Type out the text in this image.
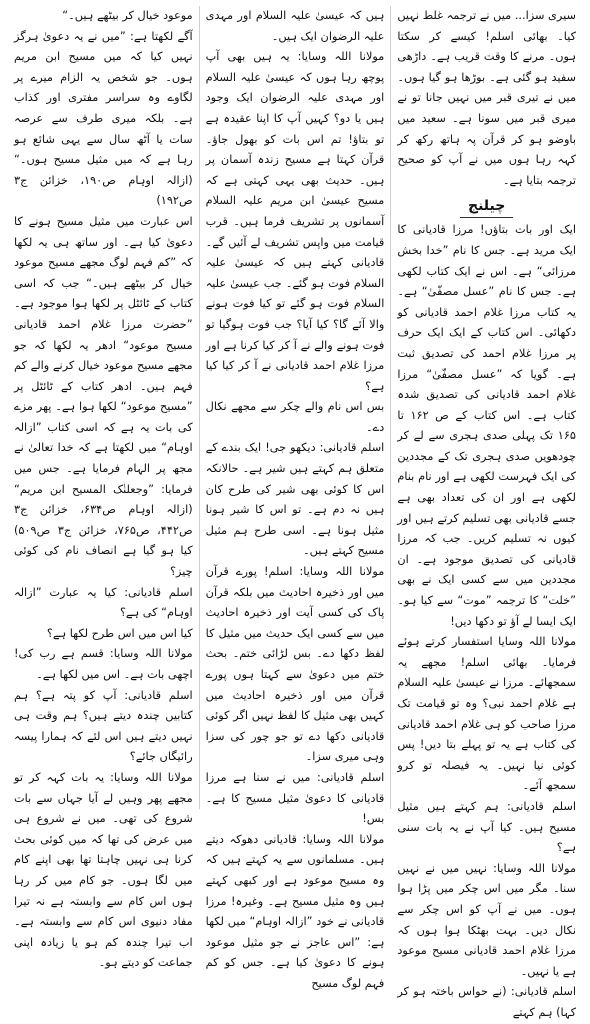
سیری سزا... میں نے ترجمہ غلط نہیں کیا۔ بھائی اسلم! کیسے کر سکتا ہوں۔ مرنے کا وقت قریب ہے۔ داڑھی سفید ہو گئی ہے۔ بوڑھا ہو گیا ہوں۔ میں نے تیری قبر میں نہیں جانا تو نے میری قبر میں سونا ہے۔ سعید میں باوضو ہو کر قرآن پہ ہاتھ رکھ کر کہہ رہا ہوں میں نے آپ کو صحیح ترجمہ بتایا ہے۔

چیلنج

ایک اور بات بتاؤں! مرزا قادیانی کا ایک مرید ہے۔ جس کا نام ”خدا بخش مرزائی“ ہے۔ اس نے ایک کتاب لکھی ہے۔ جس کا نام ”عسل مصفّیٰ“ ہے۔ یہ کتاب مرزا غلام احمد قادیانی کو دکھائی۔ اس کتاب کے ایک ایک حرف پر مرزا غلام احمد کی تصدیق ثبت ہے۔ گویا کہ ”عسل مصفّیٰ“ مرزا غلام احمد قادیانی کی تصدیق شدہ کتاب ہے۔ اس کتاب کے ص ۱۶۲ تا ۱۶۵ تک پہلی صدی ہجری سے لے کر چودھویں صدی ہجری تک کے مجددین کی ایک فہرست لکھی ہے اور نام بنام لکھی ہے اور ان کی تعداد بھی ہے جسے قادیانی بھی تسلیم کرتے ہیں اور کیوں نہ تسلیم کریں۔ جب کہ مرزا قادیانی کی تصدیق موجود ہے۔ ان مجددین میں سے کسی ایک نے بھی ”خلت“ کا ترجمہ ”موت“ سے کیا ہو۔ ایک ایسا لے آؤ تو دکھا دیں!

مولانا اللہ وسایا استفسار کرتے ہوئے فرمایا۔ بھائی اسلم! مجھے یہ سمجھائے۔ مرزا نے عیسیٰ علیہ السلام ہے غلام احمد نبی؟ وہ تو قیامت تک مرزا صاحب کو ہی غلام احمد قادیانی کی کتاب ہے یہ تو پہلے بتا دیں! پس کوئی نیا نہیں۔ یہ فیصلہ تو کرو سمجھ آئے۔

اسلم قادیانی: ہم کہتے ہیں مثیل مسیح ہیں۔ کیا آپ نے یہ بات سنی ہے؟

مولانا اللہ وسایا: نہیں میں نے نہیں سنا۔ مگر میں اس چکر میں پڑا ہوا ہوں۔ میں نے آپ کو اس چکر سے نکال دیں۔ بہت بھٹکا ہوا ہوں کہ مرزا غلام احمد قادیانی مسیح موعود ہے یا نہیں۔

اسلم قادیانی: (نے حواس باختہ ہو کر کہا) ہم کہتے

ہیں کہ عیسیٰ علیہ السلام اور مہدی علیہ الرضوان ایک ہیں۔

مولانا اللہ وسایا: یہ ہیں بھی آپ پوچھ رہا ہوں کہ عیسیٰ علیہ السلام اور مہدی علیہ الرضوان ایک وجود ہیں یا دو؟ کہیں آپ کا اپنا عقیدہ ہے تو بتاؤ! تم اس بات کو بھول جاؤ۔ قرآن کہتا ہے مسیح زندہ آسمان پر ہیں۔ حدیث بھی یہی کہتی ہے کہ مسیح عیسیٰ ابن مریم علیہ السلام آسمانوں پر تشریف فرما ہیں۔ قرب قیامت میں واپس تشریف لے آئیں گے۔ قادیانی کہتے ہیں کہ عیسیٰ علیہ السلام فوت ہو گئے۔ جب عیسیٰ علیہ السلام فوت ہو گئے تو کیا فوت ہونے والا آئے گا؟ کیا آیا؟ جب فوت ہوگیا تو فوت ہونے والے نے آ کر کیا کرنا ہے اور مرزا غلام احمد قادیانی نے آ کر کیا کیا ہے؟

بس اس نام والے چکر سے مجھے نکال دے۔

اسلم قادیانی: دیکھو جی! ایک بندے کے متعلق ہم کہتے ہیں شیر ہے۔ حالانکہ اس کا کوئی بھی شیر کی طرح کان ہیں نہ دم ہے۔ تو اس کا شیر ہونا مثیل ہونا ہے۔ اسی طرح ہم مثیل مسیح کہتے ہیں۔

مولانا اللہ وسایا: اسلم! پورے قرآن میں اور ذخیرہ احادیث میں بلکہ قرآن پاک کی کسی آیت اور ذخیرہ احادیث میں سے کسی ایک حدیث میں مثیل کا لفظ دکھا دے۔ بس لڑائی ختم۔ بحث ختم میں دعویٰ سے کہتا ہوں پورے قرآن میں اور ذخیرہ احادیث میں کہیں بھی مثیل کا لفظ نہیں اگر کوئی قادیانی دکھا دے تو جو چور کی سزا وہی میری سزا۔

اسلم قادیانی: میں نے سنا ہے مرزا قادیانی کا دعویٰ مثیل مسیح کا ہے۔ بس!

مولانا اللہ وسایا: قادیانی دھوکہ دیتے ہیں۔ مسلمانوں سے یہ کہتے ہیں کہ وہ مسیح موعود ہے اور کبھی کہتے ہیں وہ مثیل مسیح ہے۔ وغیرہ! مرزا قادیانی نے خود ”ازالہ اوہام“ میں لکھا ہے: ”اس عاجز نے جو مثیل موعود ہونے کا دعویٰ کیا ہے۔ جس کو کم فہم لوگ مسیح

موعود خیال کر بیٹھے ہیں۔“

آگے لکھتا ہے: ”میں نے یہ دعویٰ ہرگز نہیں کیا کہ میں مسیح ابن مریم ہوں۔ جو شخص یہ الزام میرے پر لگاوے وہ سراسر مفتری اور کذاب ہے۔ بلکہ میری طرف سے عرصہ سات یا آٹھ سال سے یہی شائع ہو رہا ہے کہ میں مثیل مسیح ہوں۔“ (ازالہ اوہام ص۱۹۰، خزائن ج۳ ص۱۹۲)

اس عبارت میں مثیل مسیح ہونے کا دعویٰ کیا ہے۔ اور ساتھ ہی یہ لکھا کہ ”کم فہم لوگ مجھے مسیح موعود خیال کر بیٹھے ہیں۔“ جب کہ اسی کتاب کے ٹائٹل پر لکھا ہوا موجود ہے۔ ”حضرت مرزا غلام احمد قادیانی مسیح موعود“ ادھر یہ لکھا کہ جو مجھے مسیح موعود خیال کرنے والے کم فہم ہیں۔ ادھر کتاب کے ٹائٹل پر ”مسیح موعود“ لکھا ہوا ہے۔ پھر مزے کی بات یہ ہے کہ اسی کتاب ”ازالہ اوہام“ میں لکھتا ہے کہ خدا تعالیٰ نے مجھ پر الہام فرمایا ہے۔ جس میں فرمایا: ”وجعلنٰک المسیح ابن مریم“ (ازالہ اوہام ص۶۳۴، خزائن ج۳ ص۴۴۲، ص۷۶۵، خزائن ج۳ ص۵۰۹) کیا ہو گیا ہے انصاف نام کی کوئی چیز؟

اسلم قادیانی: کیا یہ عبارت ”ازالہ اوہام“ کی ہے؟

کیا اس میں اس طرح لکھا ہے؟

مولانا اللہ وسایا: قسم ہے رب کی! اچھی بات ہے۔ اس میں لکھا ہے۔

اسلم قادیانی: آپ کو پتہ ہے؟ ہم کتابیں چندہ دیتے ہیں؟ ہم وقت ہی نہیں دیتے ہیں اس لئے کہ ہمارا پیسہ رائیگاں جائے؟

مولانا اللہ وسایا: یہ بات کہہ کر تو مجھے پھر وہیں لے آیا جہاں سے بات شروع کی تھی۔ میں نے شروع ہی میں عرض کی تھا کہ میں کوئی بحث کرنا ہی نہیں چاہتا تھا بھی اپنے کام میں لگا ہوں۔ جو کام میں کر رہا ہوں اس کام سے وابستہ ہے نہ تیرا مفاد دنیوی اس کام سے وابستہ ہے۔ اب تیرا چندہ کم ہو یا زیادہ اپنی جماعت کو دیتے ہو۔
